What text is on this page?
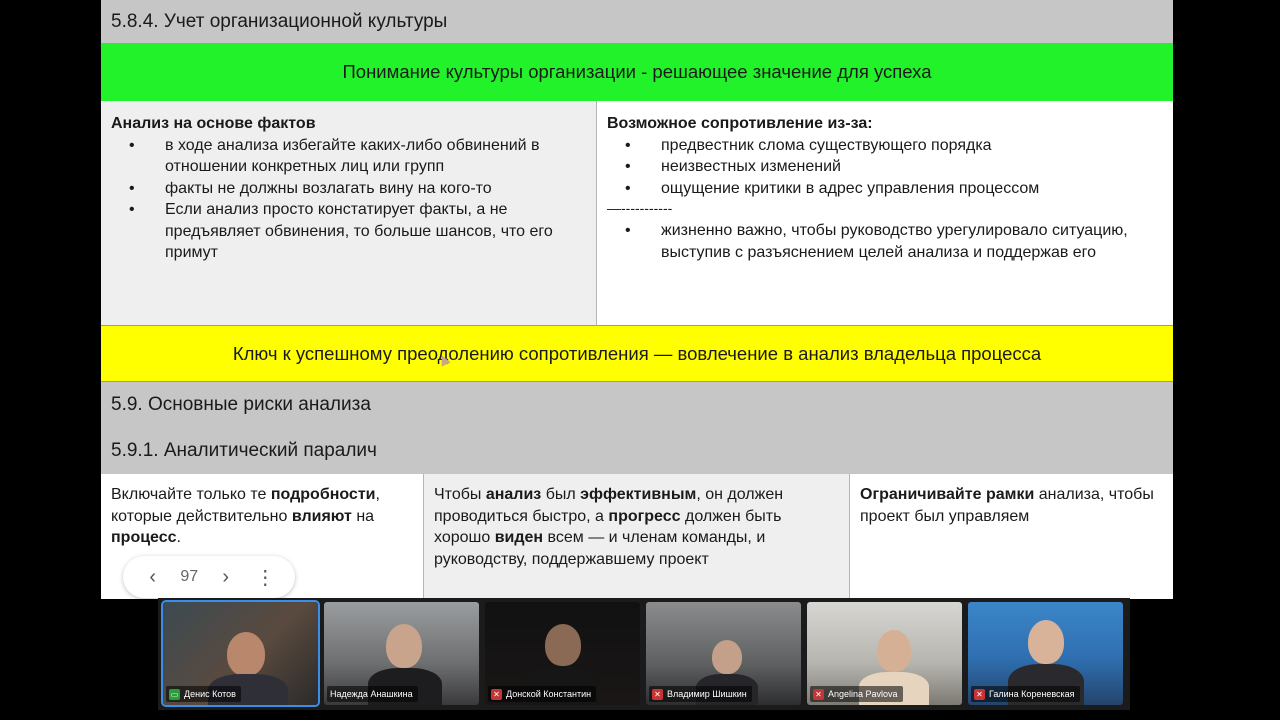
5.8.4. Учет организационной культуры
Понимание культуры организации - решающее значение для успеха
Анализ на основе фактов
• в ходе анализа избегайте каких-либо обвинений в отношении конкретных лиц или групп
• факты не должны возлагать вину на кого-то
• Если анализ просто констатирует факты, а не предъявляет обвинения, то больше шансов, что его примут
Возможное сопротивление из-за:
• предвестник слома существующего порядка
• неизвестных изменений
• ощущение критики в адрес управления процессом
—-----------
• жизненно важно, чтобы руководство урегулировало ситуацию, выступив с разъяснением целей анализа и поддержав его
Ключ к успешному преодолению сопротивления — вовлечение в анализ владельца процесса
5.9. Основные риски анализа
5.9.1. Аналитический паралич
Включайте только те подробности, которые действительно влияют на процесс.
Чтобы анализ был эффективным, он должен проводиться быстро, а прогресс должен быть хорошо виден всем — и членам команды, и руководству, поддержавшему проект
Ограничивайте рамки анализа, чтобы проект был управляем
‹	97	›	⋮
▭ Денис Котов	Надежда Анашкина	✕ Донской Константин	✕ Владимир Шишкин	✕ Angelina Pavlova	✕ Галина Кореневская
